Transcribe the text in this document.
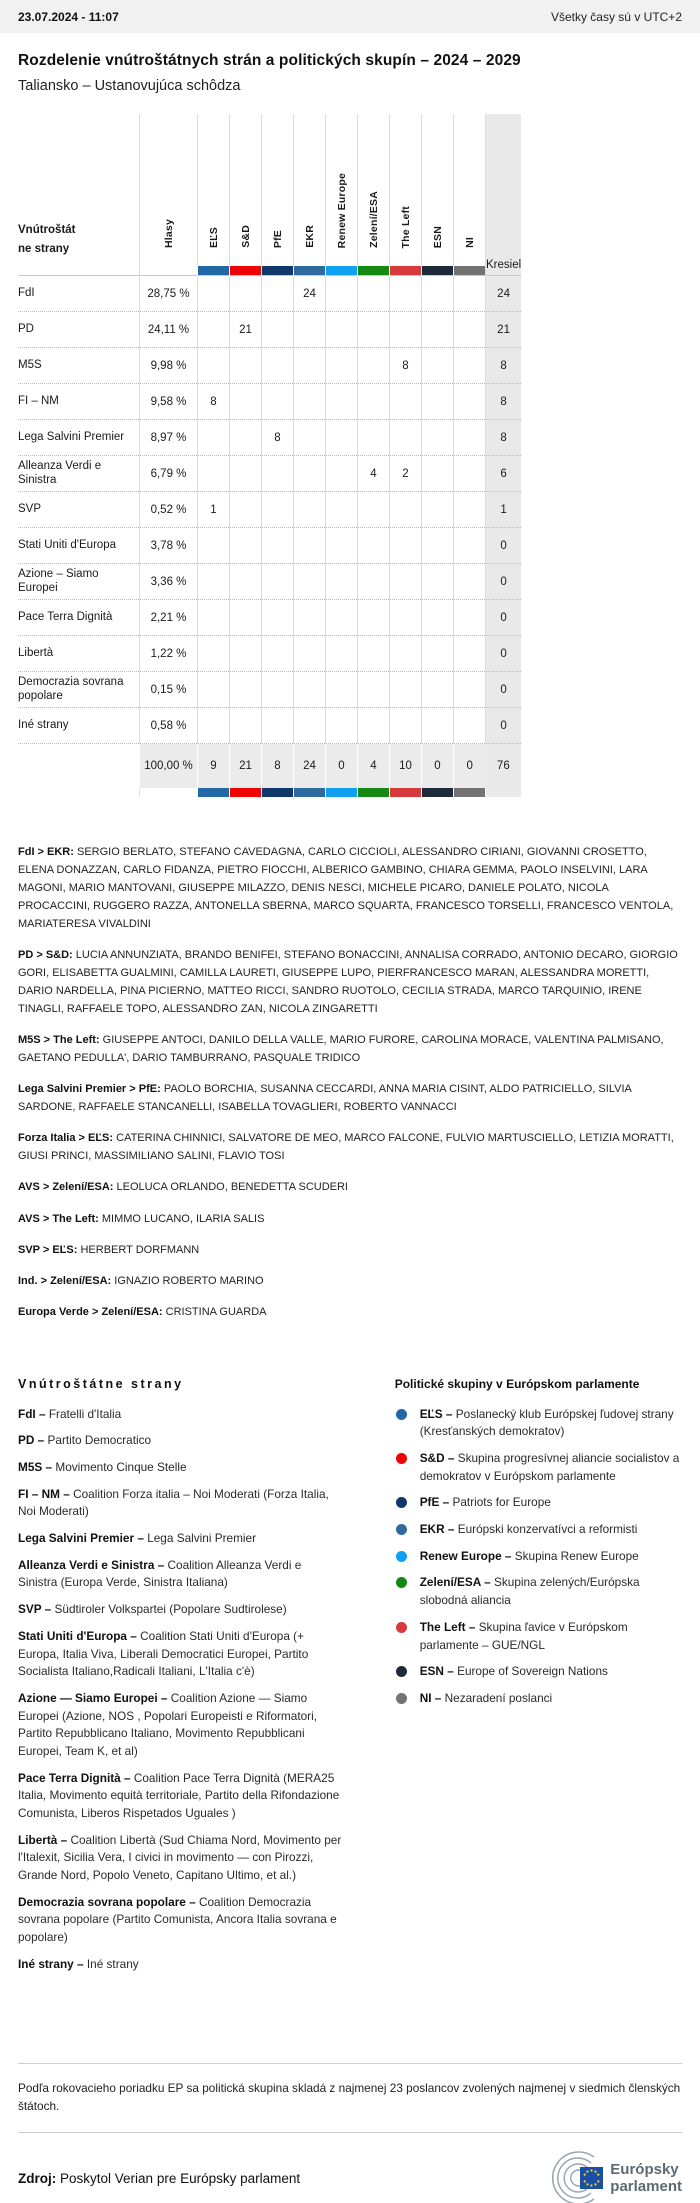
23.07.2024 - 11:07	Všetky časy sú v UTC+2
Rozdelenie vnútroštátnych strán a politických skupín – 2024 – 2029
Taliansko – Ustanovujúca schôdza
Vnútroštátne strany	Hlasy	EĽS	S&D	PfE	EKR	Renew Europe	Zelení/ESA	The Left	ESN	NI	Kresiel

FdI	28,75 %				24						24
PD	24,11 %		21								21
M5S	9,98 %							8			8
FI – NM	9,58 %	8									8
Lega Salvini Premier	8,97 %			8							8
Alleanza Verdi e Sinistra	6,79 %						4	2			6
SVP	0,52 %	1									1
Stati Uniti d'Europa	3,78 %										0
Azione – Siamo Europei	3,36 %										0
Pace Terra Dignità	2,21 %										0
Libertà	1,22 %										0
Democrazia sovrana popolare	0,15 %										0
Iné strany	0,58 %										0
	100,00 %	9	21	8	24	0	4	10	0	0	76

FdI > EKR: SERGIO BERLATO, STEFANO CAVEDAGNA, CARLO CICCIOLI, ALESSANDRO CIRIANI, GIOVANNI CROSETTO, ELENA DONAZZAN, CARLO FIDANZA, PIETRO FIOCCHI, ALBERICO GAMBINO, CHIARA GEMMA, PAOLO INSELVINI, LARA MAGONI, MARIO MANTOVANI, GIUSEPPE MILAZZO, DENIS NESCI, MICHELE PICARO, DANIELE POLATO, NICOLA PROCACCINI, RUGGERO RAZZA, ANTONELLA SBERNA, MARCO SQUARTA, FRANCESCO TORSELLI, FRANCESCO VENTOLA, MARIATERESA VIVALDINI

PD > S&D: LUCIA ANNUNZIATA, BRANDO BENIFEI, STEFANO BONACCINI, ANNALISA CORRADO, ANTONIO DECARO, GIORGIO GORI, ELISABETTA GUALMINI, CAMILLA LAURETI, GIUSEPPE LUPO, PIERFRANCESCO MARAN, ALESSANDRA MORETTI, DARIO NARDELLA, PINA PICIERNO, MATTEO RICCI, SANDRO RUOTOLO, CECILIA STRADA, MARCO TARQUINIO, IRENE TINAGLI, RAFFAELE TOPO, ALESSANDRO ZAN, NICOLA ZINGARETTI

M5S > The Left: GIUSEPPE ANTOCI, DANILO DELLA VALLE, MARIO FURORE, CAROLINA MORACE, VALENTINA PALMISANO, GAETANO PEDULLA', DARIO TAMBURRANO, PASQUALE TRIDICO

Lega Salvini Premier > PfE: PAOLO BORCHIA, SUSANNA CECCARDI, ANNA MARIA CISINT, ALDO PATRICIELLO, SILVIA SARDONE, RAFFAELE STANCANELLI, ISABELLA TOVAGLIERI, ROBERTO VANNACCI

Forza Italia > EĽS: CATERINA CHINNICI, SALVATORE DE MEO, MARCO FALCONE, FULVIO MARTUSCIELLO, LETIZIA MORATTI, GIUSI PRINCI, MASSIMILIANO SALINI, FLAVIO TOSI

AVS > Zelení/ESA: LEOLUCA ORLANDO, BENEDETTA SCUDERI

AVS > The Left: MIMMO LUCANO, ILARIA SALIS

SVP > EĽS: HERBERT DORFMANN

Ind. > Zelení/ESA: IGNAZIO ROBERTO MARINO

Europa Verde > Zelení/ESA: CRISTINA GUARDA

Vnútroštátne strany

FdI – Fratelli d'Italia

PD – Partito Democratico

M5S – Movimento Cinque Stelle

FI – NM – Coalition Forza italia – Noi Moderati (Forza Italia, Noi Moderati)

Lega Salvini Premier – Lega Salvini Premier

Alleanza Verdi e Sinistra – Coalition Alleanza Verdi e Sinistra (Europa Verde, Sinistra Italiana)

SVP – Südtiroler Volkspartei (Popolare Sudtirolese)

Stati Uniti d'Europa – Coalition Stati Uniti d'Europa (+ Europa, Italia Viva, Liberali Democratici Europei, Partito Socialista Italiano,Radicali Italiani, L'Italia c'è)

Azione — Siamo Europei – Coalition Azione — Siamo Europei (Azione, NOS , Popolari Europeisti e Riformatori, Partito Repubblicano Italiano, Movimento Repubblicani Europei, Team K, et al)

Pace Terra Dignità – Coalition Pace Terra Dignità (MERA25 Italia, Movimento equità territoriale, Partito della Rifondazione Comunista, Liberos Rispetados Uguales )

Libertà – Coalition Libertà (Sud Chiama Nord, Movimento per l'Italexit, Sicilia Vera, I civici in movimento — con Pirozzi, Grande Nord, Popolo Veneto, Capitano Ultimo, et al.)

Democrazia sovrana popolare – Coalition Democrazia sovrana popolare (Partito Comunista, Ancora Italia sovrana e popolare)

Iné strany – Iné strany

Politické skupiny v Európskom parlamente

EĽS – Poslanecký klub Európskej ľudovej strany (Kresťanských demokratov)
S&D – Skupina progresívnej aliancie socialistov a demokratov v Európskom parlamente
PfE – Patriots for Europe
EKR – Európski konzervatívci a reformisti
Renew Europe – Skupina Renew Europe
Zelení/ESA – Skupina zelených/Európska slobodná aliancia
The Left – Skupina ľavice v Európskom parlamente – GUE/NGL
ESN – Europe of Sovereign Nations
NI – Nezaradení poslanci

Podľa rokovacieho poriadku EP sa politická skupina skladá z najmenej 23 poslancov zvolených najmenej v siedmich členských štátoch.

Zdroj: Poskytol Verian pre Európsky parlament
Európsky
parlament
